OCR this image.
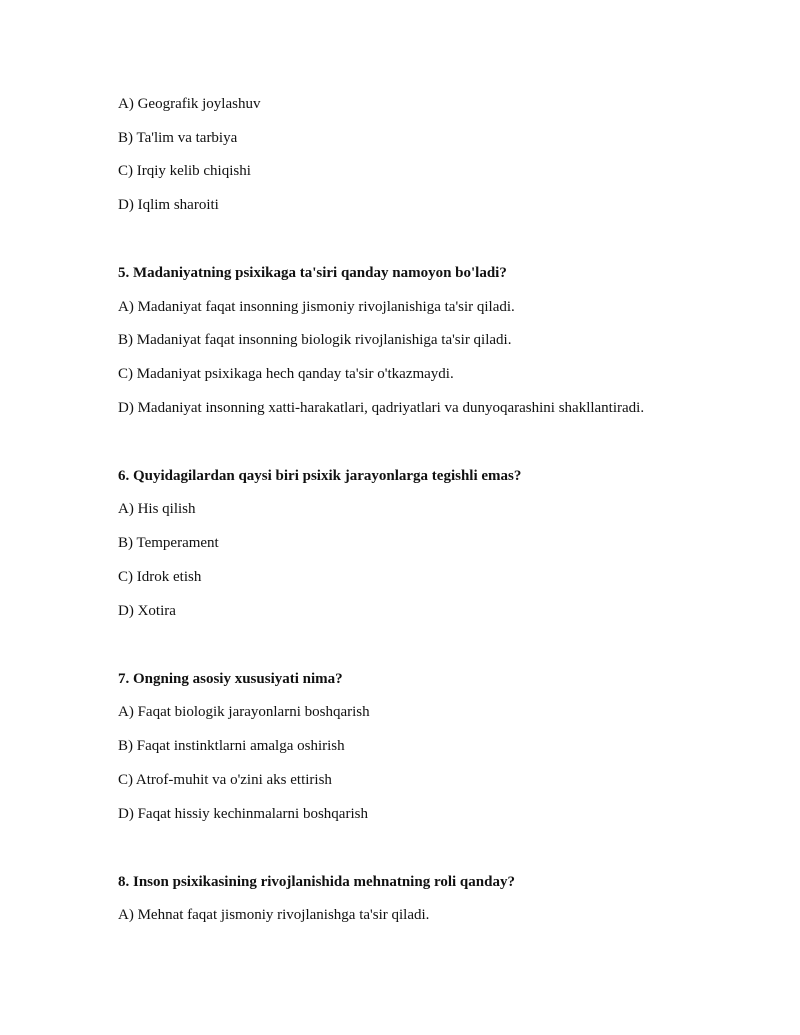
A) Geografik joylashuv
B) Ta'lim va tarbiya
C) Irqiy kelib chiqishi
D) Iqlim sharoiti
5. Madaniyatning psixikaga ta'siri qanday namoyon bo'ladi?
A) Madaniyat faqat insonning jismoniy rivojlanishiga ta'sir qiladi.
B) Madaniyat faqat insonning biologik rivojlanishiga ta'sir qiladi.
C) Madaniyat psixikaga hech qanday ta'sir o'tkazmaydi.
D) Madaniyat insonning xatti-harakatlari, qadriyatlari va dunyoqarashini shakllantiradi.
6. Quyidagilardan qaysi biri psixik jarayonlarga tegishli emas?
A) His qilish
B) Temperament
C) Idrok etish
D) Xotira
7. Ongning asosiy xususiyati nima?
A) Faqat biologik jarayonlarni boshqarish
B) Faqat instinktlarni amalga oshirish
C) Atrof-muhit va o'zini aks ettirish
D) Faqat hissiy kechinmalarni boshqarish
8. Inson psixikasining rivojlanishida mehnatning roli qanday?
A) Mehnat faqat jismoniy rivojlanishga ta'sir qiladi.
